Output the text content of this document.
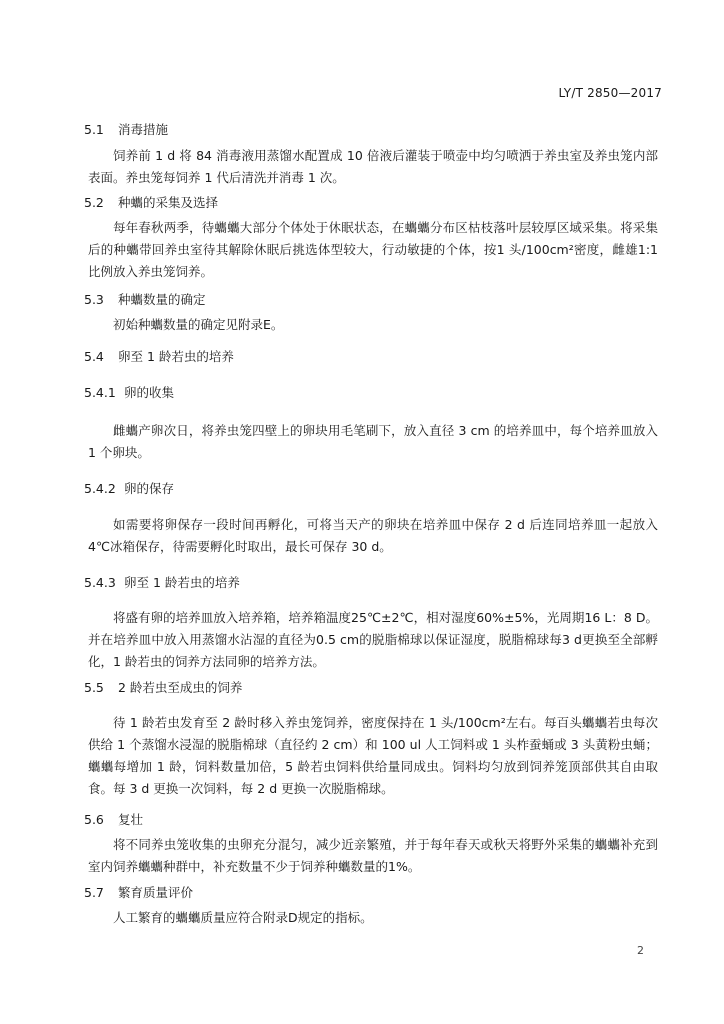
LY/T 2850—2017
5.1 消毒措施
饲养前 1 d 将 84 消毒液用蒸馏水配置成 10 倍液后灌装于喷壶中均匀喷洒于养虫室及养虫笼内部表面。养虫笼每饲养 1 代后清洗并消毒 1 次。
5.2 种蠵的采集及选择
每年春秋两季，待蠵蠵大部分个体处于休眠状态，在蠵蠵分布区枯枝落叶层较厚区域采集。将采集后的种蠵带回养虫室待其解除休眠后挑选体型较大，行动敏捷的个体，按1 头/100cm²密度，雌雄1:1比例放入养虫笼饲养。
5.3 种蠵数量的确定
初始种蠵数量的确定见附录E。
5.4 卵至 1 龄若虫的培养
5.4.1 卵的收集
雌蠵产卵次日，将养虫笼四壁上的卵块用毛笔刷下，放入直径 3 cm 的培养皿中，每个培养皿放入 1 个卵块。
5.4.2 卵的保存
如需要将卵保存一段时间再孵化，可将当天产的卵块在培养皿中保存 2 d 后连同培养皿一起放入4℃冰箱保存，待需要孵化时取出，最长可保存 30 d。
5.4.3 卵至 1 龄若虫的培养
将盛有卵的培养皿放入培养箱，培养箱温度25℃±2℃，相对湿度60%±5%，光周期16 L：8 D。并在培养皿中放入用蒸馏水沾湿的直径为0.5 cm的脱脂棉球以保证湿度，脱脂棉球每3 d更换至全部孵化，1 龄若虫的饲养方法同卵的培养方法。
5.5 2 龄若虫至成虫的饲养
待 1 龄若虫发育至 2 龄时移入养虫笼饲养，密度保持在 1 头/100cm²左右。每百头蠵蠵若虫每次供给 1 个蒸馏水浸湿的脱脂棉球（直径约 2 cm）和 100 ul 人工饲料或 1 头柞蚕蛹或 3 头黄粉虫蛹；蠵蠵每增加 1 龄，饲料数量加倍，5 龄若虫饲料供给量同成虫。饲料均匀放到饲养笼顶部供其自由取食。每 3 d 更换一次饲料，每 2 d 更换一次脱脂棉球。
5.6 复壮
将不同养虫笼收集的虫卵充分混匀，减少近亲繁殖，并于每年春天或秋天将野外采集的蠵蠵补充到室内饲养蠵蠵种群中，补充数量不少于饲养种蠵数量的1%。
5.7 繁育质量评价
人工繁育的蠵蠵质量应符合附录D规定的指标。
2
